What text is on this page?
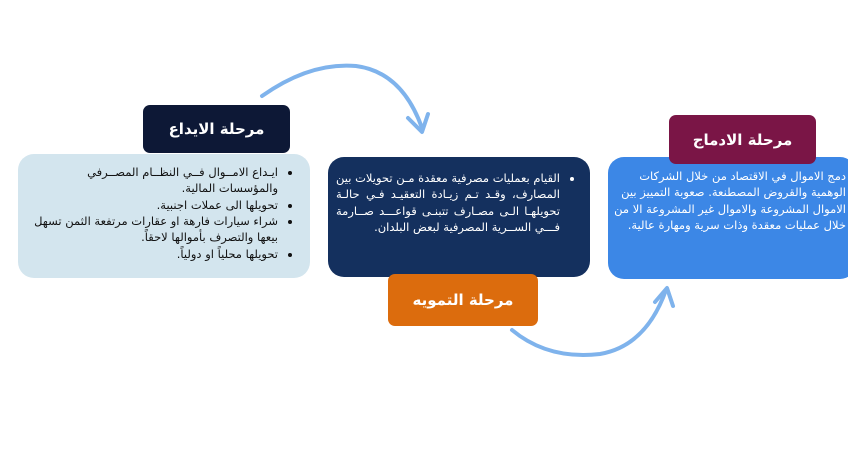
• ايـداع الامــوال فــي النظــام المصــرفي والمؤسسات المالية.
• تحويلها الى عملات اجنبية.
• شراء سيارات فارهة او عقارات مرتفعة الثمن تسهل بيعها والتصرف بأموالها لاحقاً.
• تحويلها محلياً او دولياً.
• القيام بعمليات مصرفية معقدة مـن تحويلات بين المصارف، وقـد تـم زيـادة التعقيـد فـي حالـة تحويلهـا الـى مصـارف تتبنـى قواعـــد صــارمة فـــي الســرية المصرفية لبعض البلدان.
دمج الاموال في الاقتصاد من خلال الشركات الوهمية والقروض المصطنعة. صعوبة التمييز بين الاموال المشروعة والاموال غير المشروعة الا من خلال عمليات معقدة وذات سرية ومهارة عالية.
مرحلة الايداع
مرحلة التمويه
مرحلة الادماج
